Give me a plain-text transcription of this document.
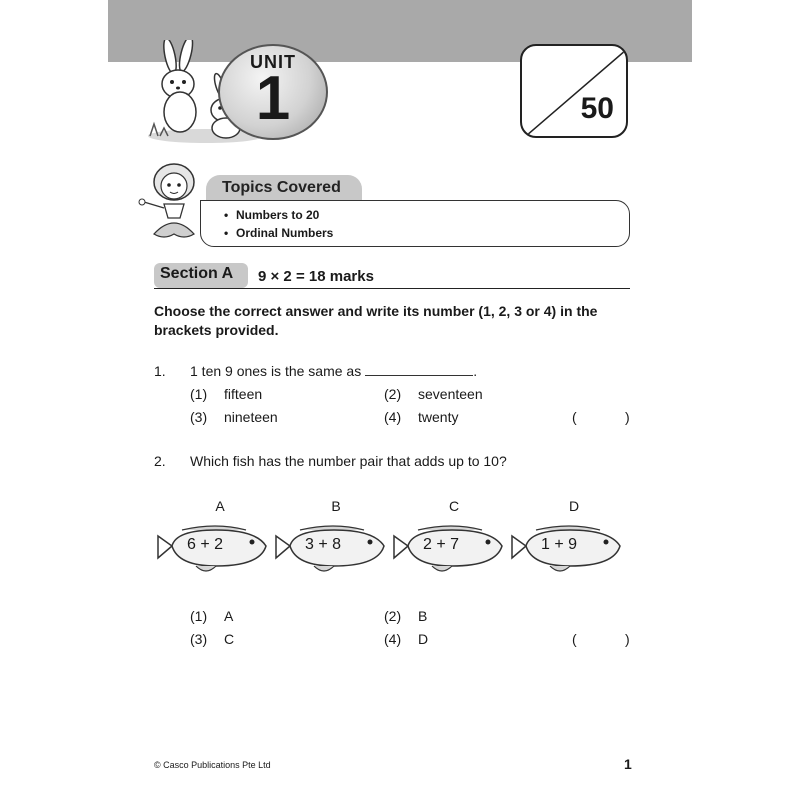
UNIT
1	50
Topics Covered
• Numbers to 20
• Ordinal Numbers
Section A 9 × 2 = 18 marks
Choose the correct answer and write its number (1, 2, 3 or 4) in the brackets provided.
1. 1 ten 9 ones is the same as	.
(1) fifteen	(2) seventeen
(3) nineteen	(4) twenty	(	)
2. Which fish has the number pair that adds up to 10?
A	B	C	D
6 + 2	3 + 8	2 + 7	1 + 9
(1) A	(2) B
(3) C	(4) D	(	)
© Casco Publications Pte Ltd	1
